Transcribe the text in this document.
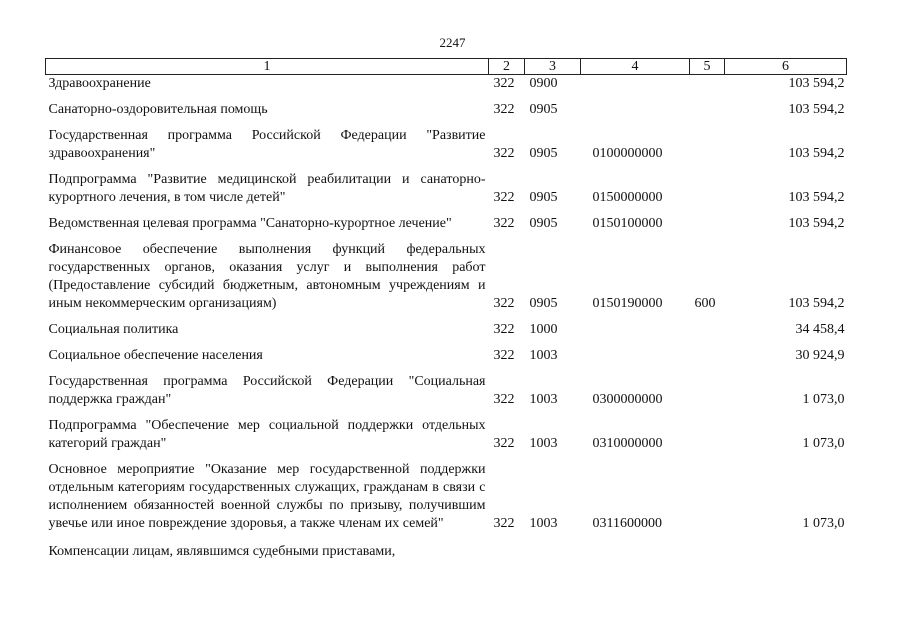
2247
1	2	3	4	5	6
Здравоохранение	322	0900			103 594,2
Санаторно-оздоровительная помощь	322	0905			103 594,2
Государственная программа Российской Федерации "Развитие здравоохранения"	322	0905	0100000000		103 594,2
Подпрограмма "Развитие медицинской реабилитации и санаторно-курортного лечения, в том числе детей"	322	0905	0150000000		103 594,2
Ведомственная целевая программа "Санаторно-курортное лечение"	322	0905	0150100000		103 594,2
Финансовое обеспечение выполнения функций федеральных государственных органов, оказания услуг и выполнения работ (Предоставление субсидий бюджетным, автономным учреждениям и иным некоммерческим организациям)	322	0905	0150190000	600	103 594,2
Социальная политика	322	1000			34 458,4
Социальное обеспечение населения	322	1003			30 924,9
Государственная программа Российской Федерации "Социальная поддержка граждан"	322	1003	0300000000		1 073,0
Подпрограмма "Обеспечение мер социальной поддержки отдельных категорий граждан"	322	1003	0310000000		1 073,0
Основное мероприятие "Оказание мер государственной поддержки отдельным категориям государственных служащих, гражданам в связи с исполнением обязанностей военной службы по призыву, получившим увечье или иное повреждение здоровья, а также членам их семей"	322	1003	0311600000		1 073,0
Компенсации лицам, являвшимся судебными приставами,					
